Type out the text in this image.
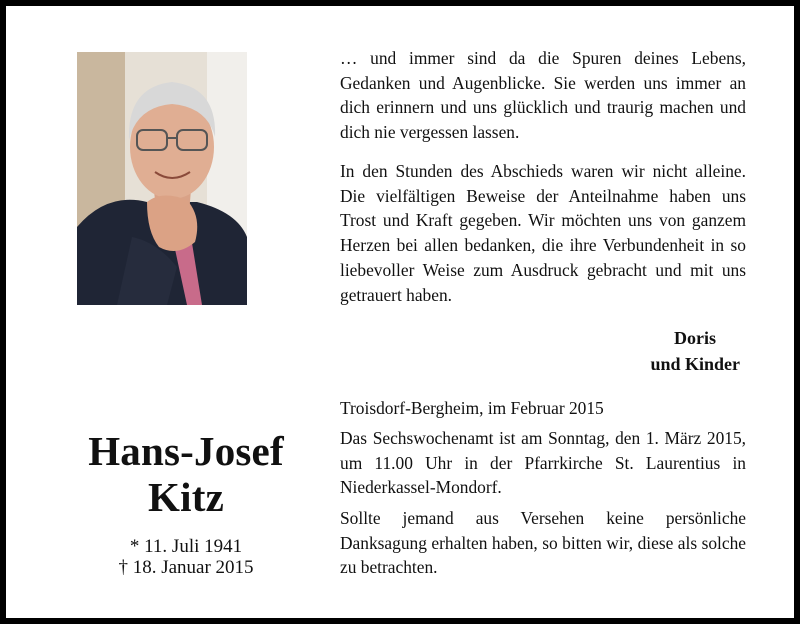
Hans-Josef
Kitz
* 11. Juli 1941
† 18. Januar 2015
… und immer sind da die Spuren deines Lebens, Gedanken und Augenblicke. Sie werden uns immer an dich erinnern und uns glücklich und traurig machen und dich nie vergessen lassen.
In den Stunden des Abschieds waren wir nicht alleine. Die vielfältigen Beweise der Anteilnahme haben uns Trost und Kraft gegeben. Wir möchten uns von ganzem Herzen bei allen bedanken, die ihre Verbundenheit in so liebevoller Weise zum Ausdruck gebracht und mit uns getrauert haben.
Doris
und Kinder
Troisdorf-Bergheim, im Februar 2015
Das Sechswochenamt ist am Sonntag, den 1. März 2015, um 11.00 Uhr in der Pfarrkirche St. Laurentius in Niederkassel-Mondorf.
Sollte jemand aus Versehen keine persönliche Danksagung erhalten haben, so bitten wir, diese als solche zu betrachten.
